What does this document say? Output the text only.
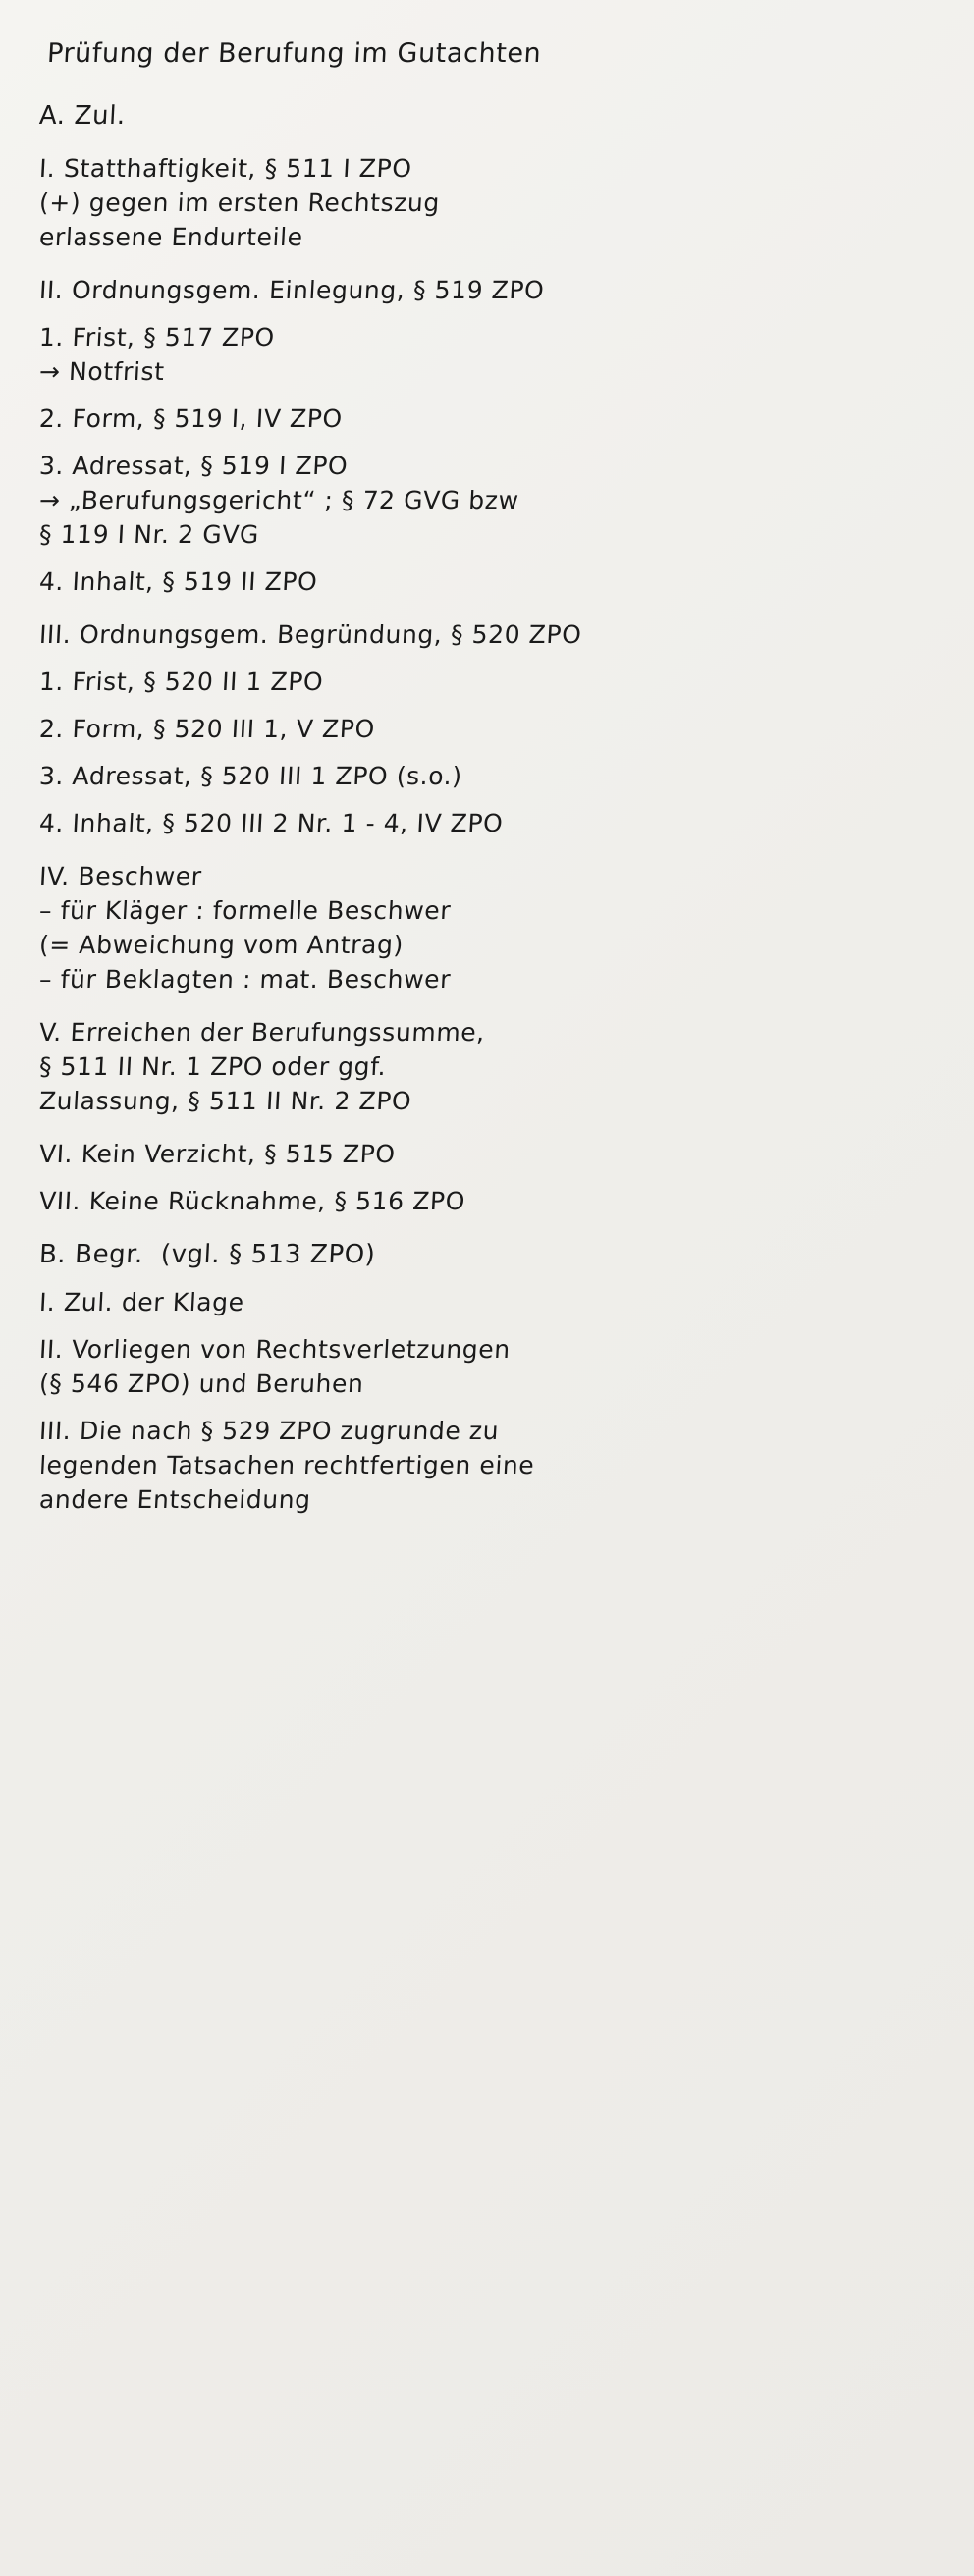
Prüfung der Berufung im Gutachten
A. Zul.
I. Statthaftigkeit, § 511 I ZPO
(+) gegen im ersten Rechtszug
erlassene Endurteile
II. Ordnungsgem. Einlegung, § 519 ZPO
1. Frist, § 517 ZPO
→ Notfrist
2. Form, § 519 I, IV ZPO
3. Adressat, § 519 I ZPO
→ „Berufungsgericht“ ; § 72 GVG bzw
§ 119 I Nr. 2 GVG
4. Inhalt, § 519 II ZPO
III. Ordnungsgem. Begründung, § 520 ZPO
1. Frist, § 520 II 1 ZPO
2. Form, § 520 III 1, V ZPO
3. Adressat, § 520 III 1 ZPO (s.o.)
4. Inhalt, § 520 III 2 Nr. 1 - 4, IV ZPO
IV. Beschwer
– für Kläger : formelle Beschwer
(= Abweichung vom Antrag)
– für Beklagten : mat. Beschwer
V. Erreichen der Berufungssumme,
§ 511 II Nr. 1 ZPO oder ggf.
Zulassung, § 511 II Nr. 2 ZPO
VI. Kein Verzicht, § 515 ZPO
VII. Keine Rücknahme, § 516 ZPO
B. Begr.  (vgl. § 513 ZPO)
I. Zul. der Klage
II. Vorliegen von Rechtsverletzungen
(§ 546 ZPO) und Beruhen
III. Die nach § 529 ZPO zugrunde zu
legenden Tatsachen rechtfertigen eine
andere Entscheidung
